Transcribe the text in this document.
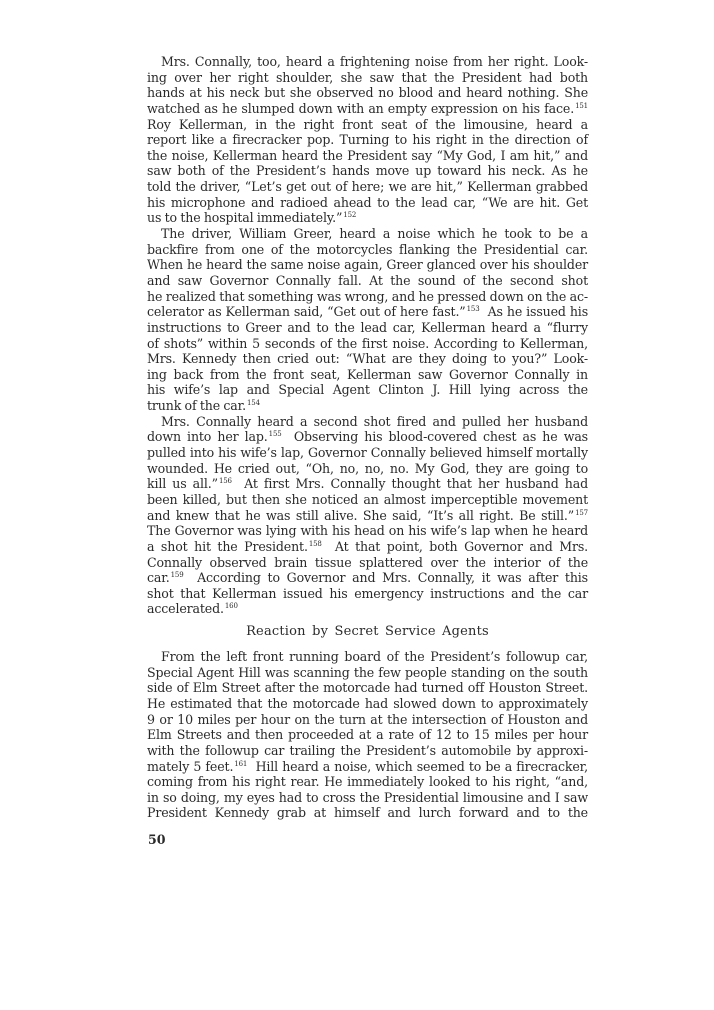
Mrs. Connally, too, heard a frightening noise from her right. Look-
ing over her right shoulder, she saw that the President had both
hands at his neck but she observed no blood and heard nothing. She
watched as he slumped down with an empty expression on his face.$^{151}$
Roy Kellerman, in the right front seat of the limousine, heard a
report like a firecracker pop. Turning to his right in the direction of
the noise, Kellerman heard the President say “My God, I am hit,” and
saw both of the President’s hands move up toward his neck. As he
told the driver, “Let’s get out of here; we are hit,” Kellerman grabbed
his microphone and radioed ahead to the lead car, “We are hit. Get
us to the hospital immediately.”$^{152}$
The driver, William Greer, heard a noise which he took to be a
backfire from one of the motorcycles flanking the Presidential car.
When he heard the same noise again, Greer glanced over his shoulder
and saw Governor Connally fall. At the sound of the second shot
he realized that something was wrong, and he pressed down on the ac-
celerator as Kellerman said, “Get out of here fast.”$^{153}$  As he issued his
instructions to Greer and to the lead car, Kellerman heard a “flurry
of shots” within 5 seconds of the first noise. According to Kellerman,
Mrs. Kennedy then cried out: “What are they doing to you?” Look-
ing back from the front seat, Kellerman saw Governor Connally in
his wife’s lap and Special Agent Clinton J. Hill lying across the
trunk of the car.$^{154}$
Mrs. Connally heard a second shot fired and pulled her husband
down into her lap.$^{155}$  Observing his blood-covered chest as he was
pulled into his wife’s lap, Governor Connally believed himself mortally
wounded. He cried out, “Oh, no, no, no. My God, they are going to
kill us all.”$^{156}$  At first Mrs. Connally thought that her husband had
been killed, but then she noticed an almost imperceptible movement
and knew that he was still alive. She said, “It’s all right. Be still.”$^{157}$
The Governor was lying with his head on his wife’s lap when he heard
a shot hit the President.$^{158}$  At that point, both Governor and Mrs.
Connally observed brain tissue splattered over the interior of the
car.$^{159}$  According to Governor and Mrs. Connally, it was after this
shot that Kellerman issued his emergency instructions and the car
accelerated.$^{160}$
Reaction by Secret Service Agents
From the left front running board of the President’s followup car,
Special Agent Hill was scanning the few people standing on the south
side of Elm Street after the motorcade had turned off Houston Street.
He estimated that the motorcade had slowed down to approximately
9 or 10 miles per hour on the turn at the intersection of Houston and
Elm Streets and then proceeded at a rate of 12 to 15 miles per hour
with the followup car trailing the President’s automobile by approxi-
mately 5 feet.$^{161}$  Hill heard a noise, which seemed to be a firecracker,
coming from his right rear. He immediately looked to his right, “and,
in so doing, my eyes had to cross the Presidential limousine and I saw
President Kennedy grab at himself and lurch forward and to the
50
